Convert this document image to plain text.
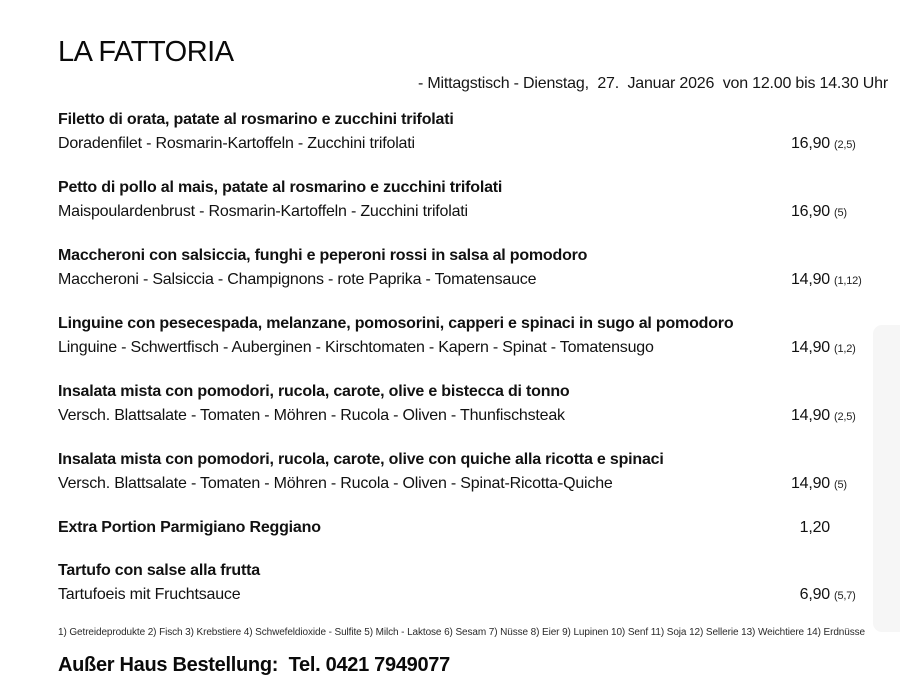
LA FATTORIA
- Mittagstisch - Dienstag,  27.  Januar 2026  von 12.00 bis 14.30 Uhr
Filetto di orata, patate al rosmarino e zucchini trifolati
Doradenfilet - Rosmarin-Kartoffeln - Zucchini trifolati	16,90 (2,5)
Petto di pollo al mais, patate al rosmarino e zucchini trifolati
Maispoulardenbrust - Rosmarin-Kartoffeln - Zucchini trifolati	16,90 (5)
Maccheroni con salsiccia, funghi e peperoni rossi in salsa al pomodoro
Maccheroni - Salsiccia - Champignons - rote Paprika - Tomatensauce	14,90 (1,12)
Linguine con pesecespada, melanzane, pomosorini, capperi e spinaci in sugo al pomodoro
Linguine - Schwertfisch - Auberginen - Kirschtomaten - Kapern - Spinat - Tomatensugo	14,90 (1,2)
Insalata mista con pomodori, rucola, carote, olive e bistecca di tonno
Versch. Blattsalate - Tomaten - Möhren - Rucola - Oliven - Thunfischsteak	14,90 (2,5)
Insalata mista con pomodori, rucola, carote, olive con quiche alla ricotta e spinaci
Versch. Blattsalate - Tomaten - Möhren - Rucola - Oliven - Spinat-Ricotta-Quiche	14,90 (5)
Extra Portion Parmigiano Reggiano	1,20
Tartufo con salse alla frutta
Tartufoeis mit Fruchtsauce	6,90 (5,7)
1) Getreideprodukte 2) Fisch 3) Krebstiere 4) Schwefeldioxide - Sulfite 5) Milch - Laktose 6) Sesam 7) Nüsse 8) Eier 9) Lupinen 10) Senf 11) Soja 12) Sellerie 13) Weichtiere 14) Erdnüsse
Außer Haus Bestellung:  Tel. 0421 7949077
